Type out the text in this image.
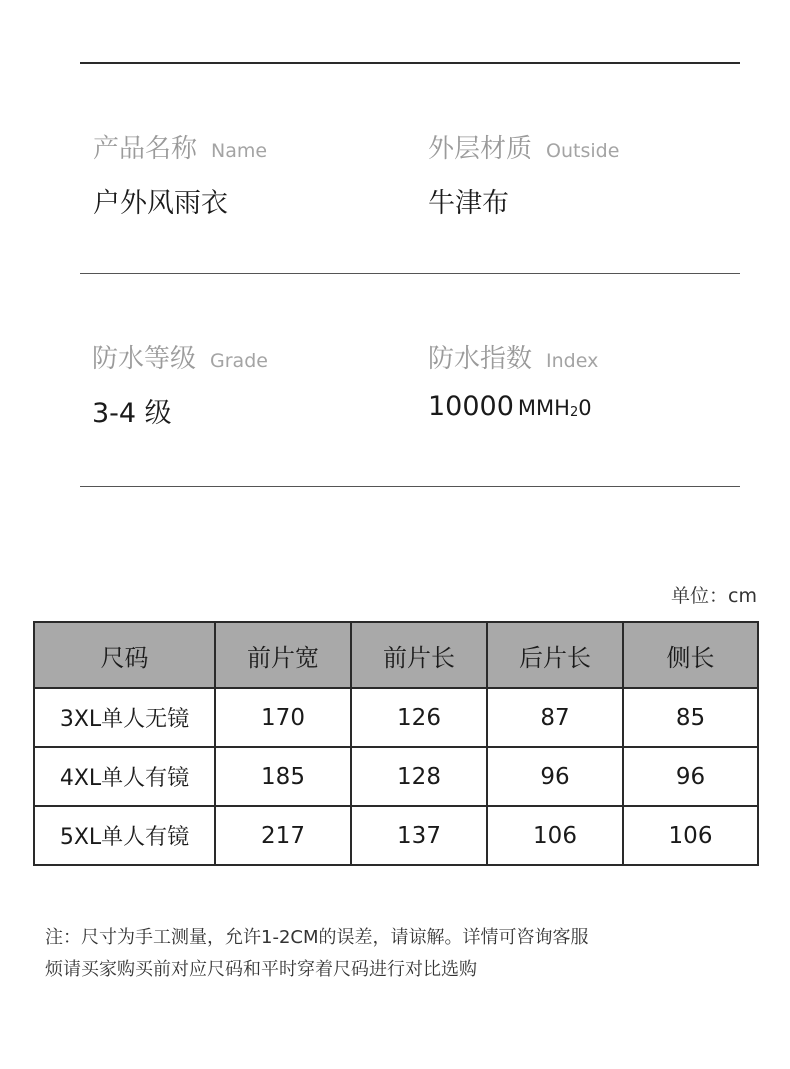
产品名称 Name
户外风雨衣
外层材质 Outside
牛津布
防水等级 Grade
3-4 级
防水指数 Index
10000 $MMH_20$
单位：cm
尺码	前片宽	前片长	后片长	侧长
3XL单人无镜	170	126	87	85
4XL单人有镜	185	128	96	96
5XL单人有镜	217	137	106	106
注：尺寸为手工测量，允许1-2CM的误差，请谅解。详情可咨询客服
烦请买家购买前对应尺码和平时穿着尺码进行对比选购
